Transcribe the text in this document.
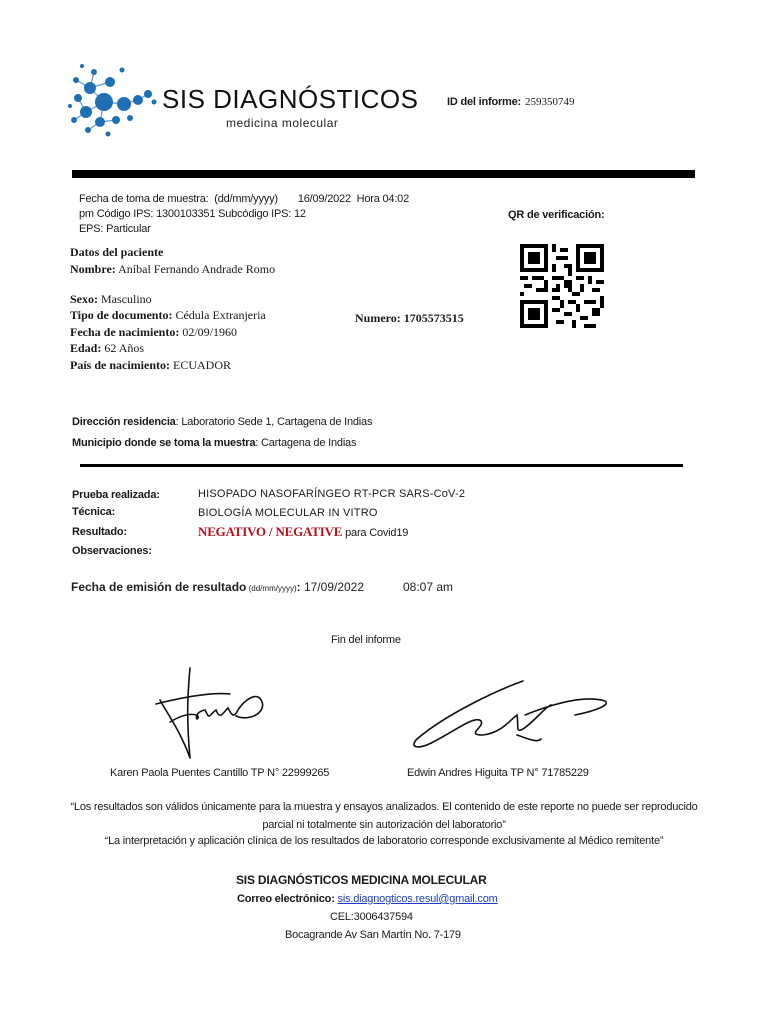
SIS DIAGNÓSTICOS
medicina molecular
ID del informe: 259350749
Fecha de toma de muestra:  (dd/mm/yyyy)       16/09/2022  Hora 04:02
pm Código IPS: 1300103351 Subcódigo IPS: 12
EPS: Particular
QR de verificación:
Datos del paciente
Nombre: Aníbal Fernando Andrade Romo
Sexo: Masculino
Tipo de documento: Cédula Extranjeria	Numero: 1705573515
Fecha de nacimiento: 02/09/1960
Edad: 62 Años
País de nacimiento: ECUADOR
Dirección residencia: Laboratorio Sede 1, Cartagena de Indias
Municipio donde se toma la muestra: Cartagena de Indias
Prueba realizada:	HISOPADO NASOFARÍNGEO RT-PCR SARS-CoV-2
Técnica:	BIOLOGÍA MOLECULAR IN VITRO
Resultado:	NEGATIVO / NEGATIVE para Covid19
Observaciones:
Fecha de emisión de resultado (dd/mm/yyyy): 17/09/2022	08:07 am
Fin del informe
Karen Paola Puentes Cantillo TP N° 22999265	Edwin Andres Higuita TP N° 71785229
“Los resultados son válidos únicamente para la muestra y ensayos analizados. El contenido de este reporte no puede ser reproducido
parcial ni totalmente sin autorización del laboratorio”
“La interpretación y aplicación clínica de los resultados de laboratorio corresponde exclusivamente al Médico remitente”
SIS DIAGNÓSTICOS MEDICINA MOLECULAR
Correo electrónico: sis.diagnogticos.resul@gmail.com
CEL:3006437594
Bocagrande Av San Martín No. 7-179
